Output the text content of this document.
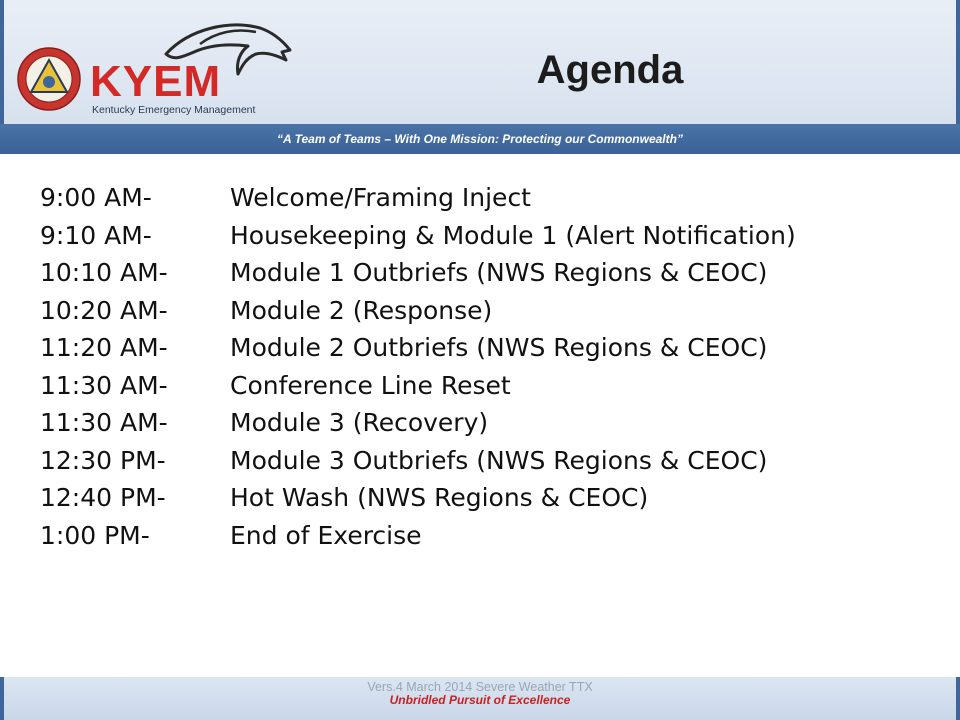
KYEM
Kentucky Emergency Management
Agenda
“A Team of Teams – With One Mission: Protecting our Commonwealth”
9:00 AM-	Welcome/Framing Inject
9:10 AM-	Housekeeping & Module 1 (Alert Notification)
10:10 AM- Module 1 Outbriefs (NWS Regions & CEOC)
10:20 AM- Module 2 (Response)
11:20 AM- Module 2 Outbriefs (NWS Regions & CEOC)
11:30 AM- Conference Line Reset
11:30 AM- Module 3 (Recovery)
12:30 PM-	Module 3 Outbriefs (NWS Regions & CEOC)
12:40 PM-	Hot Wash (NWS Regions & CEOC)
1:00 PM-	End of Exercise
Vers.4 March 2014 Severe Weather TTX
Unbridled Pursuit of Excellence
